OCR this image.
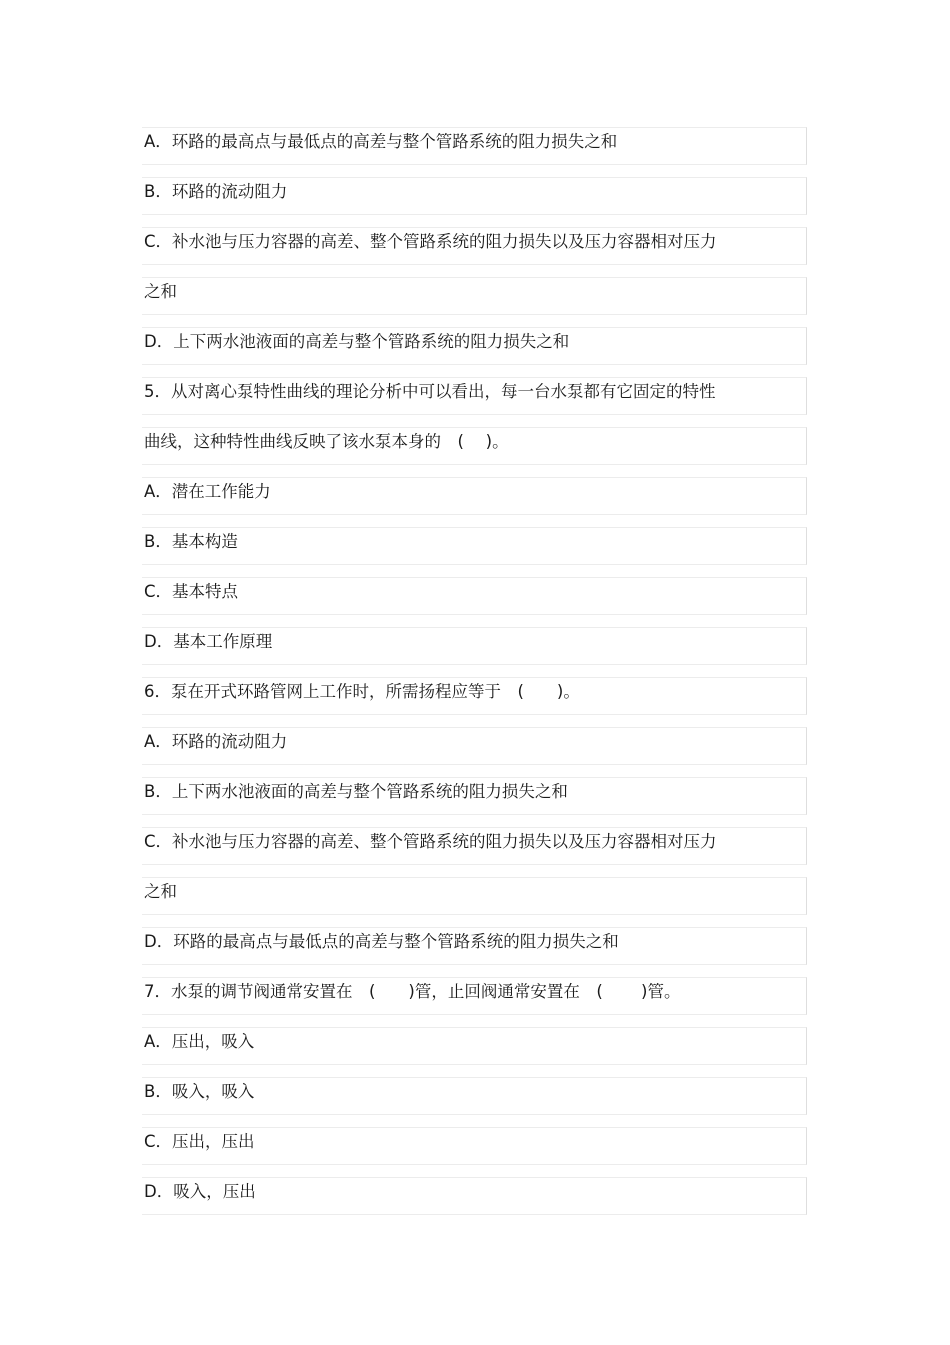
A．环路的最高点与最低点的高差与整个管路系统的阻力损失之和
B．环路的流动阻力
C．补水池与压力容器的高差、整个管路系统的阻力损失以及压力容器相对压力
之和
D．上下两水池液面的高差与整个管路系统的阻力损失之和
5．从对离心泵特性曲线的理论分析中可以看出，每一台水泵都有它固定的特性
曲线，这种特性曲线反映了该水泵本身的　(　 )。
A．潜在工作能力
B．基本构造
C．基本特点
D．基本工作原理
6．泵在开式环路管网上工作时，所需扬程应等于　(　　)。
A．环路的流动阻力
B．上下两水池液面的高差与整个管路系统的阻力损失之和
C．补水池与压力容器的高差、整个管路系统的阻力损失以及压力容器相对压力
之和
D．环路的最高点与最低点的高差与整个管路系统的阻力损失之和
7．水泵的调节阀通常安置在　(　　)管，止回阀通常安置在　(　　 )管。
A．压出，吸入
B．吸入，吸入
C．压出，压出
D．吸入，压出
